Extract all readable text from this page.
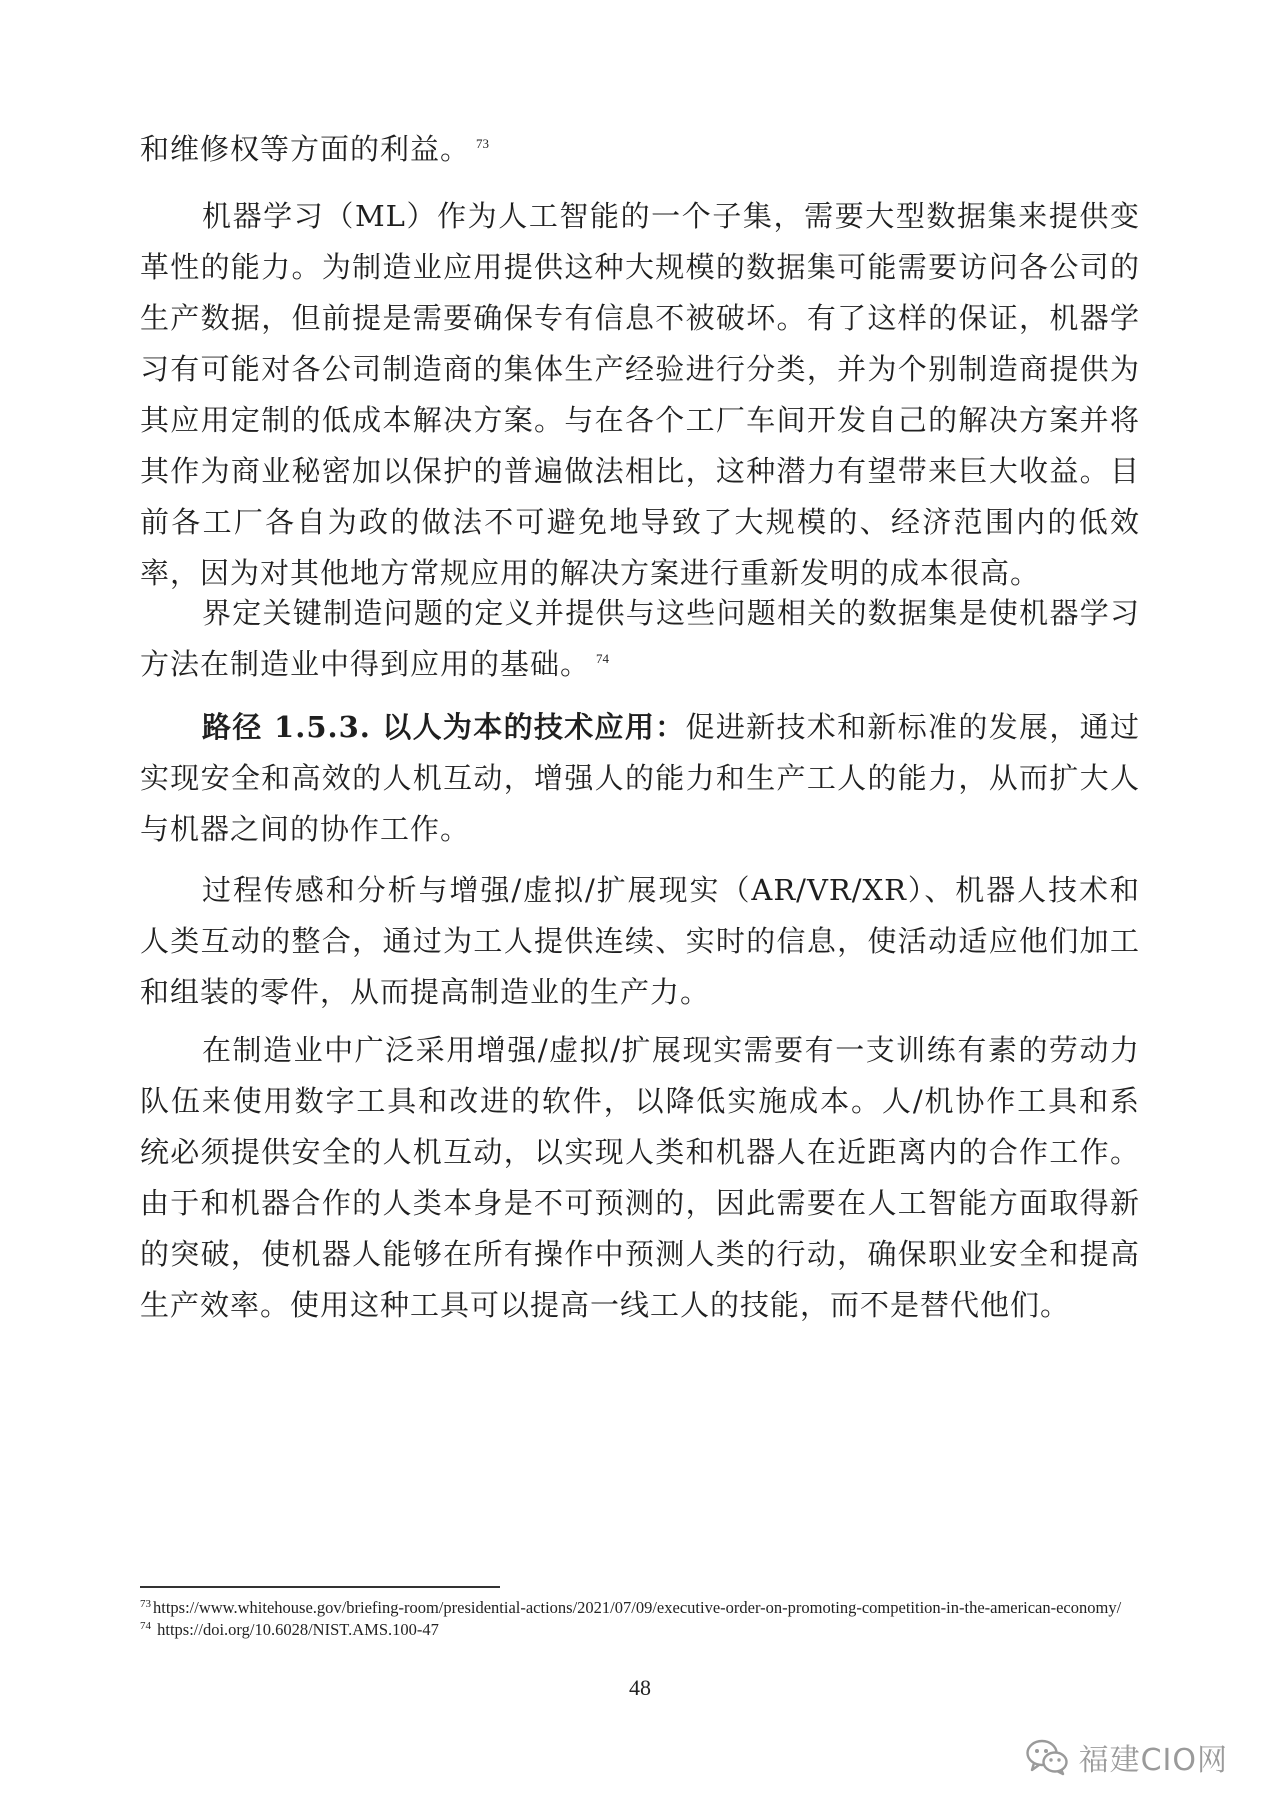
和维修权等方面的利益。 $^{73}$

机器学习（ML）作为人工智能的一个子集，需要大型数据集来提供变革性的能力。为制造业应用提供这种大规模的数据集可能需要访问各公司的生产数据，但前提是需要确保专有信息不被破坏。有了这样的保证，机器学习有可能对各公司制造商的集体生产经验进行分类，并为个别制造商提供为其应用定制的低成本解决方案。与在各个工厂车间开发自己的解决方案并将其作为商业秘密加以保护的普遍做法相比，这种潜力有望带来巨大收益。目前各工厂各自为政的做法不可避免地导致了大规模的、经济范围内的低效率，因为对其他地方常规应用的解决方案进行重新发明的成本很高。

界定关键制造问题的定义并提供与这些问题相关的数据集是使机器学习方法在制造业中得到应用的基础。 $^{74}$

路径 1.5.3. 以人为本的技术应用：促进新技术和新标准的发展，通过实现安全和高效的人机互动，增强人的能力和生产工人的能力，从而扩大人与机器之间的协作工作。

过程传感和分析与增强/虚拟/扩展现实（AR/VR/XR）、机器人技术和人类互动的整合，通过为工人提供连续、实时的信息，使活动适应他们加工和组装的零件，从而提高制造业的生产力。

在制造业中广泛采用增强/虚拟/扩展现实需要有一支训练有素的劳动力队伍来使用数字工具和改进的软件，以降低实施成本。人/机协作工具和系统必须提供安全的人机互动，以实现人类和机器人在近距离内的合作工作。由于和机器合作的人类本身是不可预测的，因此需要在人工智能方面取得新的突破，使机器人能够在所有操作中预测人类的行动，确保职业安全和提高生产效率。使用这种工具可以提高一线工人的技能，而不是替代他们。

$^{73}$ https://www.whitehouse.gov/briefing-room/presidential-actions/2021/07/09/executive-order-on-promoting-competition-in-the-american-economy/

$^{74}$ https://doi.org/10.6028/NIST.AMS.100-47

48
福建CIO网
